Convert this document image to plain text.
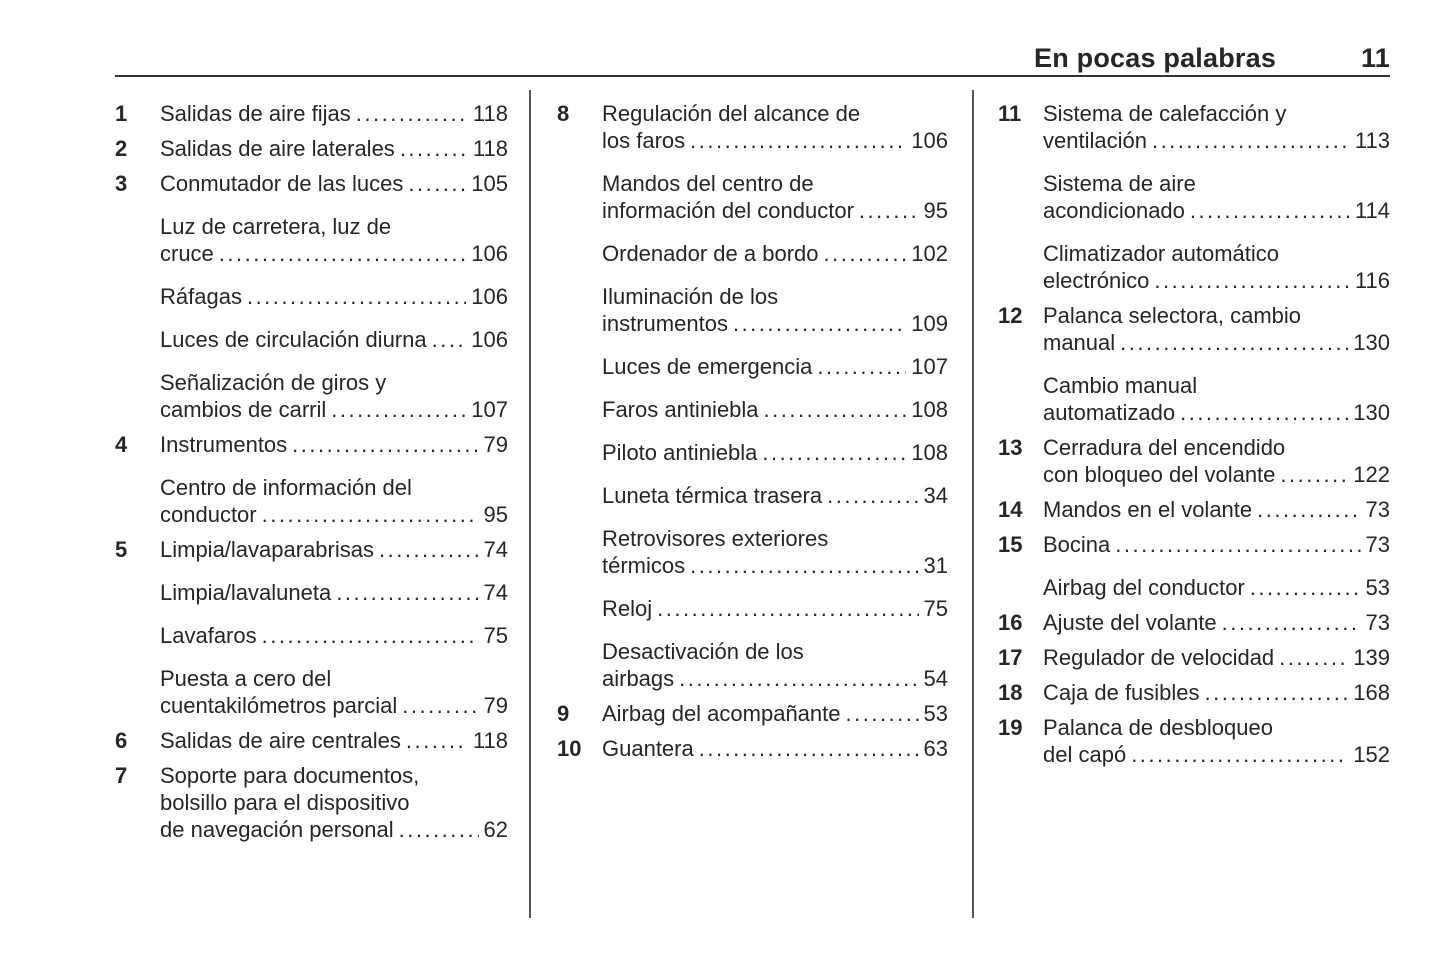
En pocas palabras	11
1	Salidas de aire fijas .....	118
2	Salidas de aire laterales .....	118
3	Conmutador de las luces .....	105
Luz de carretera, luz de
cruce .....	106
Ráfagas .....	106
Luces de circulación diurna ..... 106
Señalización de giros y
cambios de carril .....	107
4	Instrumentos .....	79
Centro de información del
conductor .....	95
5	Limpia/lavaparabrisas .....	74
Limpia/lavaluneta .....	74
Lavafaros .....	75
Puesta a cero del
cuentakilómetros parcial .....	79
6	Salidas de aire centrales .....	118
7	Soporte para documentos,
bolsillo para el dispositivo
de navegación personal .....	62
8	Regulación del alcance de
los faros .....	106
Mandos del centro de
información del conductor .....	95
Ordenador de a bordo .....	102
Iluminación de los
instrumentos .....	109
Luces de emergencia .....	107
Faros antiniebla .....	108
Piloto antiniebla .....	108
Luneta térmica trasera .....	34
Retrovisores exteriores
térmicos .....	31
Reloj .....	75
Desactivación de los
airbags .....	54
9	Airbag del acompañante .....	53
10 Guantera .....	63
11 Sistema de calefacción y
ventilación .....	113
Sistema de aire
acondicionado .....	114
Climatizador automático
electrónico .....	116
12 Palanca selectora, cambio
manual .....	130
Cambio manual
automatizado .....	130
13 Cerradura del encendido
con bloqueo del volante .....	122
14 Mandos en el volante .....	73
15 Bocina .....	73
Airbag del conductor .....	53
16 Ajuste del volante .....	73
17 Regulador de velocidad .....	139
18 Caja de fusibles .....	168
19 Palanca de desbloqueo
del capó .....	152
